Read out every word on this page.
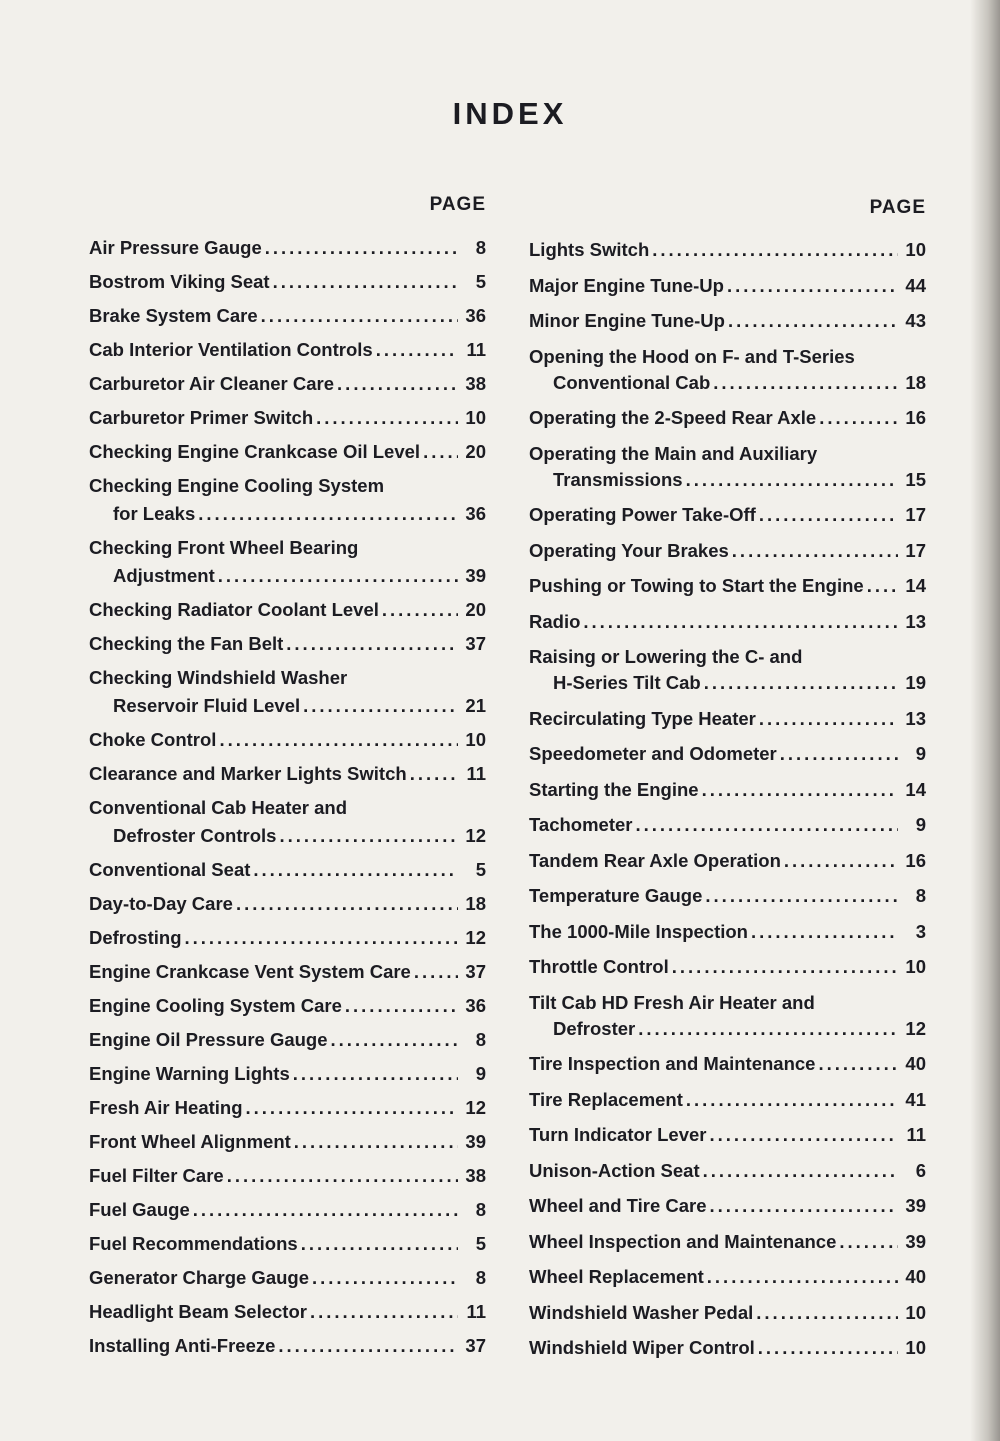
INDEX
PAGE
Air Pressure Gauge .....	8
Bostrom Viking Seat .....	5
Brake System Care .....	36
Cab Interior Ventilation Controls .....	11
Carburetor Air Cleaner Care .....	38
Carburetor Primer Switch .....	10
Checking Engine Crankcase Oil Level ..... 20
Checking Engine Cooling System
for Leaks .....	36
Checking Front Wheel Bearing
Adjustment .....	39
Checking Radiator Coolant Level .....	20
Checking the Fan Belt .....	37
Checking Windshield Washer
Reservoir Fluid Level .....	21
Choke Control .....	10
Clearance and Marker Lights Switch .....	11
Conventional Cab Heater and
Defroster Controls .....	12
Conventional Seat .....	5
Day-to-Day Care .....	18
Defrosting .....	12
Engine Crankcase Vent System Care .....	37
Engine Cooling System Care .....	36
Engine Oil Pressure Gauge .....	8
Engine Warning Lights .....	9
Fresh Air Heating .....	12
Front Wheel Alignment .....	39
Fuel Filter Care .....	38
Fuel Gauge .....	8
Fuel Recommendations .....	5
Generator Charge Gauge .....	8
Headlight Beam Selector .....	11
Installing Anti-Freeze .....	37
PAGE
Lights Switch .....	10
Major Engine Tune-Up .....	44
Minor Engine Tune-Up .....	43
Opening the Hood on F- and T-Series
Conventional Cab .....	18
Operating the 2-Speed Rear Axle .....	16
Operating the Main and Auxiliary
Transmissions .....	15
Operating Power Take-Off .....	17
Operating Your Brakes .....	17
Pushing or Towing to Start the Engine ..... 14
Radio .....	13
Raising or Lowering the C- and
H-Series Tilt Cab .....	19
Recirculating Type Heater .....	13
Speedometer and Odometer .....	9
Starting the Engine .....	14
Tachometer .....	9
Tandem Rear Axle Operation .....	16
Temperature Gauge .....	8
The 1000-Mile Inspection .....	3
Throttle Control .....	10
Tilt Cab HD Fresh Air Heater and
Defroster .....	12
Tire Inspection and Maintenance .....	40
Tire Replacement .....	41
Turn Indicator Lever .....	11
Unison-Action Seat .....	6
Wheel and Tire Care .....	39
Wheel Inspection and Maintenance .....	39
Wheel Replacement .....	40
Windshield Washer Pedal .....	10
Windshield Wiper Control .....	10
